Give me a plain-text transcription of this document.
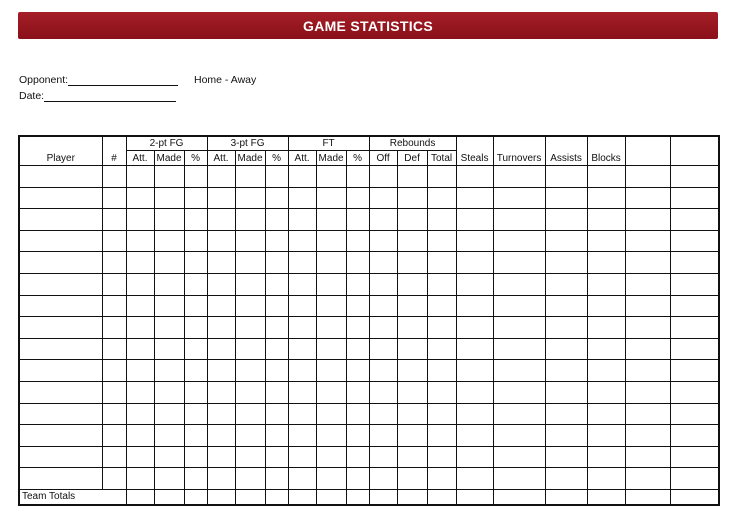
GAME STATISTICS
Opponent:	Home - Away
Date:
Player	#	2-pt FG			3-pt FG			FT			Rebounds			Steals	Turnovers	Assists	Blocks		
		Att.	Made	%	Att.	Made	%	Att.	Made	%	Off	Def	Total						

Team Totals																			
